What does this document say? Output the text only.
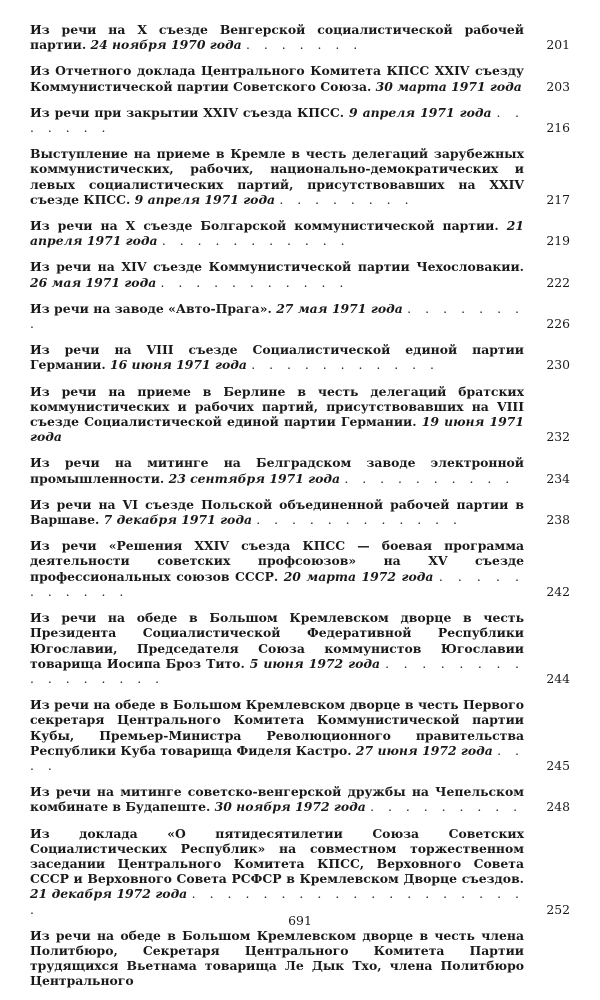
Из речи на X съезде Венгерской социалистической рабочей партии. 24 ноября 1970 года . . . . . . .	201
Из Отчетного доклада Центрального Комитета КПСС XXIV съезду Коммунистической партии Советского Союза. 30 марта 1971 года	203
Из речи при закрытии XXIV съезда КПСС. 9 апреля 1971 года . . . . . . .	216
Выступление на приеме в Кремле в честь делегаций зарубежных коммунистических, рабочих, национально-демократических и левых социалистических партий, присутствовавших на XXIV съезде КПСС. 9 апреля 1971 года . . . . . . . .	217
Из речи на X съезде Болгарской коммунистической партии. 21 апреля 1971 года . . . . . . . . . . .	219
Из речи на XIV съезде Коммунистической партии Чехословакии. 26 мая 1971 года . . . . . . . . . . .	222
Из речи на заводе «Авто-Прага». 27 мая 1971 года . . . . . . . .	226
Из речи на VIII съезде Социалистической единой партии Германии. 16 июня 1971 года . . . . . . . . . . .	230
Из речи на приеме в Берлине в честь делегаций братских коммунистических и рабочих партий, присутствовавших на VIII съезде Социалистической единой партии Германии. 19 июня 1971 года	232
Из речи на митинге на Белградском заводе электронной промышленности. 23 сентября 1971 года . . . . . . . . . .	234
Из речи на VI съезде Польской объединенной рабочей партии в Варшаве. 7 декабря 1971 года . . . . . . . . . . . .	238
Из речи «Решения XXIV съезда КПСС — боевая программа деятельности советских профсоюзов» на XV съезде профессиональных союзов СССР. 20 марта 1972 года . . . . . . . . . . .	242
Из речи на обеде в Большом Кремлевском дворце в честь Президента Социалистической Федеративной Республики Югославии, Председателя Союза коммунистов Югославии товарища Иосипа Броз Тито. 5 июня 1972 года . . . . . . . . . . . . . . . .	244
Из речи на обеде в Большом Кремлевском дворце в честь Первого секретаря Центрального Комитета Коммунистической партии Кубы, Премьер-Министра Революционного правительства Республики Куба товарища Фиделя Кастро. 27 июня 1972 года . . . .	245
Из речи на митинге советско-венгерской дружбы на Чепельском комбинате в Будапеште. 30 ноября 1972 года . . . . . . . . .	248
Из доклада «О пятидесятилетии Союза Советских Социалистических Республик» на совместном торжественном заседании Центрального Комитета КПСС, Верховного Совета СССР и Верховного Совета РСФСР в Кремлевском Дворце съездов. 21 декабря 1972 года . . . . . . . . . . . . . . . . . . . .	252
Из речи на обеде в Большом Кремлевском дворце в честь члена Политбюро, Секретаря Центрального Комитета Партии трудящихся Вьетнама товарища Ле Дык Тхо, члена Политбюро Центрального
691
